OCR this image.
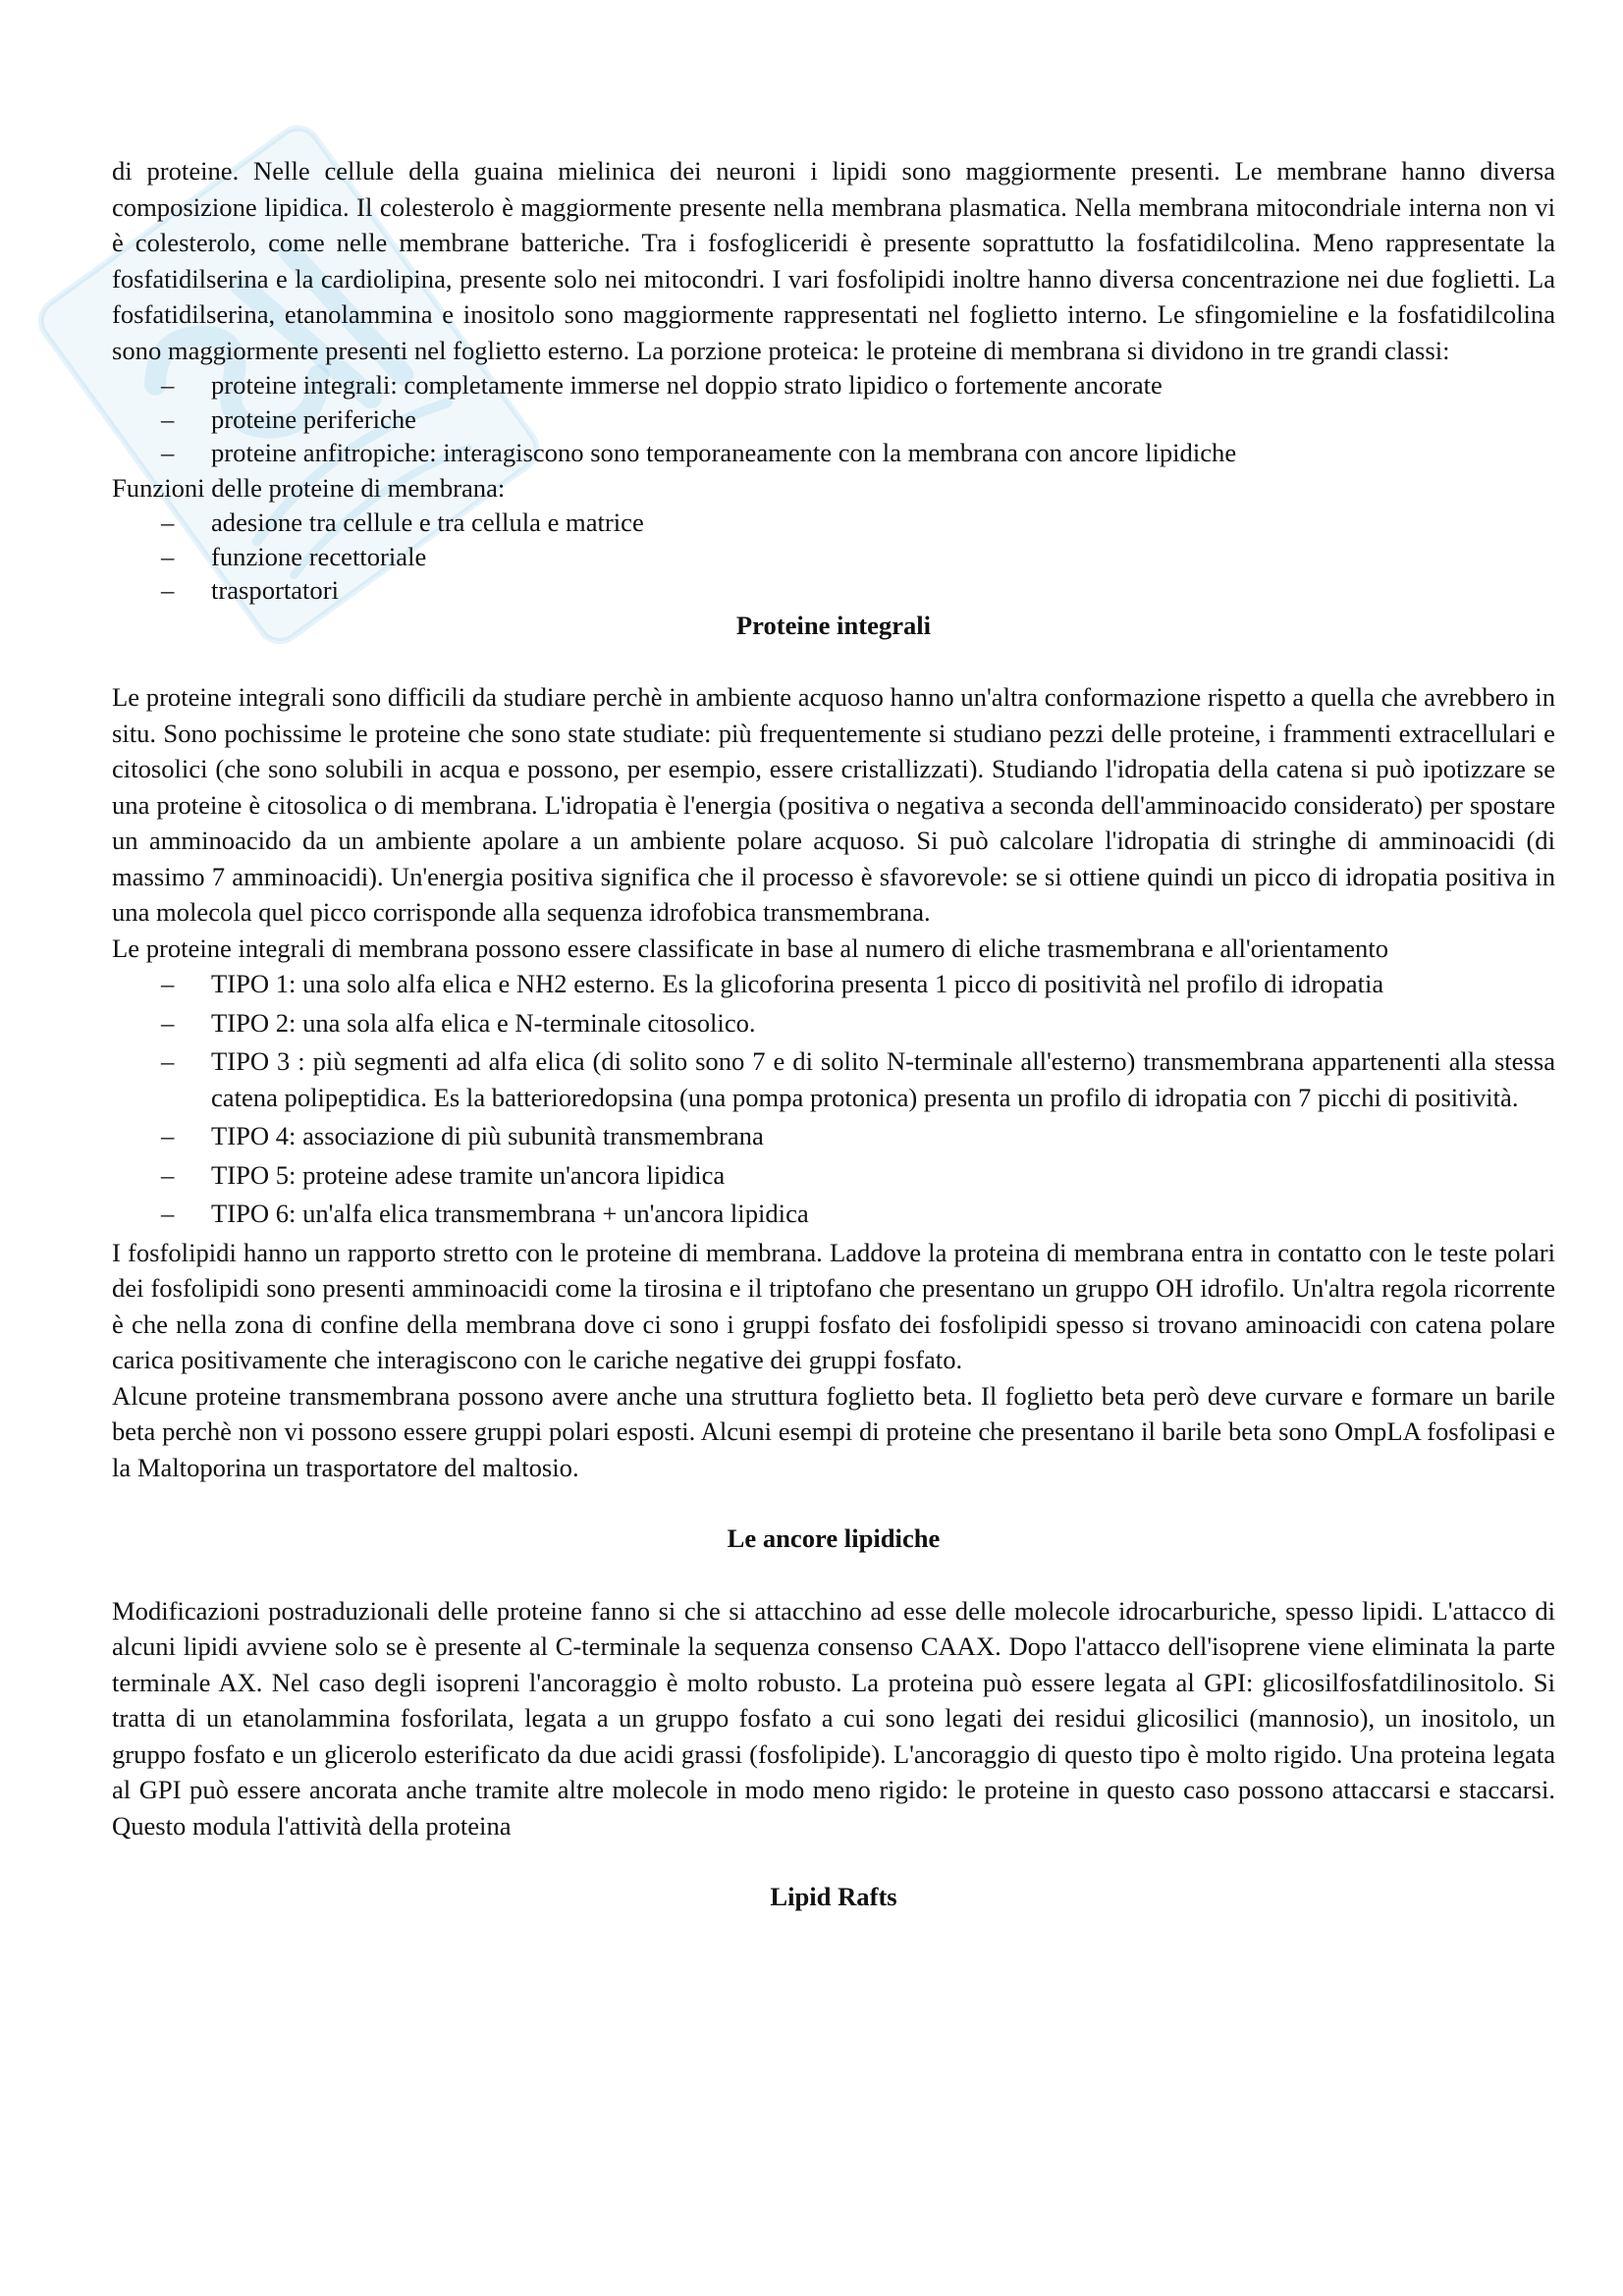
di proteine. Nelle cellule della guaina mielinica dei neuroni i lipidi sono maggiormente presenti. Le membrane hanno diversa composizione lipidica. Il colesterolo è maggiormente presente nella membrana plasmatica. Nella membrana mitocondriale interna non vi è colesterolo, come nelle membrane batteriche. Tra i fosfogliceridi è presente soprattutto la fosfatidilcolina. Meno rappresentate la fosfatidilserina e la cardiolipina, presente solo nei mitocondri. I vari fosfolipidi inoltre hanno diversa concentrazione nei due foglietti. La fosfatidilserina, etanolammina e inositolo sono maggiormente rappresentati nel foglietto interno. Le sfingomieline e la fosfatidilcolina sono maggiormente presenti nel foglietto esterno. La porzione proteica: le proteine di membrana si dividono in tre grandi classi:

– proteine integrali: completamente immerse nel doppio strato lipidico o fortemente ancorate
– proteine periferiche
– proteine anfitropiche: interagiscono sono temporaneamente con la membrana con ancore lipidiche

Funzioni delle proteine di membrana:

– adesione tra cellule e tra cellula e matrice
– funzione recettoriale
– trasportatori
Proteine integrali

Le proteine integrali sono difficili da studiare perchè in ambiente acquoso hanno un'altra conformazione rispetto a quella che avrebbero in situ. Sono pochissime le proteine che sono state studiate: più frequentemente si studiano pezzi delle proteine, i frammenti extracellulari e citosolici (che sono solubili in acqua e possono, per esempio, essere cristallizzati). Studiando l'idropatia della catena si può ipotizzare se una proteine è citosolica o di membrana. L'idropatia è l'energia (positiva o negativa a seconda dell'amminoacido considerato) per spostare un amminoacido da un ambiente apolare a un ambiente polare acquoso. Si può calcolare l'idropatia di stringhe di amminoacidi (di massimo 7 amminoacidi). Un'energia positiva significa che il processo è sfavorevole: se si ottiene quindi un picco di idropatia positiva in una molecola quel picco corrisponde alla sequenza idrofobica transmembrana.

Le proteine integrali di membrana possono essere classificate in base al numero di eliche trasmembrana e all'orientamento

– TIPO 1: una solo alfa elica e NH2 esterno. Es la glicoforina presenta 1 picco di positività nel profilo di idropatia
– TIPO 2: una sola alfa elica e N-terminale citosolico.
– TIPO 3 : più segmenti ad alfa elica (di solito sono 7 e di solito N-terminale all'esterno) transmembrana appartenenti alla stessa catena polipeptidica. Es la batterioredopsina (una pompa protonica) presenta un profilo di idropatia con 7 picchi di positività.
– TIPO 4: associazione di più subunità transmembrana
– TIPO 5: proteine adese tramite un'ancora lipidica
– TIPO 6: un'alfa elica transmembrana + un'ancora lipidica

I fosfolipidi hanno un rapporto stretto con le proteine di membrana. Laddove la proteina di membrana entra in contatto con le teste polari dei fosfolipidi sono presenti amminoacidi come la tirosina e il triptofano che presentano un gruppo OH idrofilo. Un'altra regola ricorrente è che nella zona di confine della membrana dove ci sono i gruppi fosfato dei fosfolipidi spesso si trovano aminoacidi con catena polare carica positivamente che interagiscono con le cariche negative dei gruppi fosfato.

Alcune proteine transmembrana possono avere anche una struttura foglietto beta. Il foglietto beta però deve curvare e formare un barile beta perchè non vi possono essere gruppi polari esposti. Alcuni esempi di proteine che presentano il barile beta sono OmpLA fosfolipasi e la Maltoporina un trasportatore del maltosio.

Le ancore lipidiche

Modificazioni postraduzionali delle proteine fanno si che si attacchino ad esse delle molecole idrocarburiche, spesso lipidi. L'attacco di alcuni lipidi avviene solo se è presente al C-terminale la sequenza consenso CAAX. Dopo l'attacco dell'isoprene viene eliminata la parte terminale AX. Nel caso degli isopreni l'ancoraggio è molto robusto. La proteina può essere legata al GPI: glicosilfosfatdilinositolo. Si tratta di un etanolammina fosforilata, legata a un gruppo fosfato a cui sono legati dei residui glicosilici (mannosio), un inositolo, un gruppo fosfato e un glicerolo esterificato da due acidi grassi (fosfolipide). L'ancoraggio di questo tipo è molto rigido. Una proteina legata al GPI può essere ancorata anche tramite altre molecole in modo meno rigido: le proteine in questo caso possono attaccarsi e staccarsi. Questo modula l'attività della proteina

Lipid Rafts
